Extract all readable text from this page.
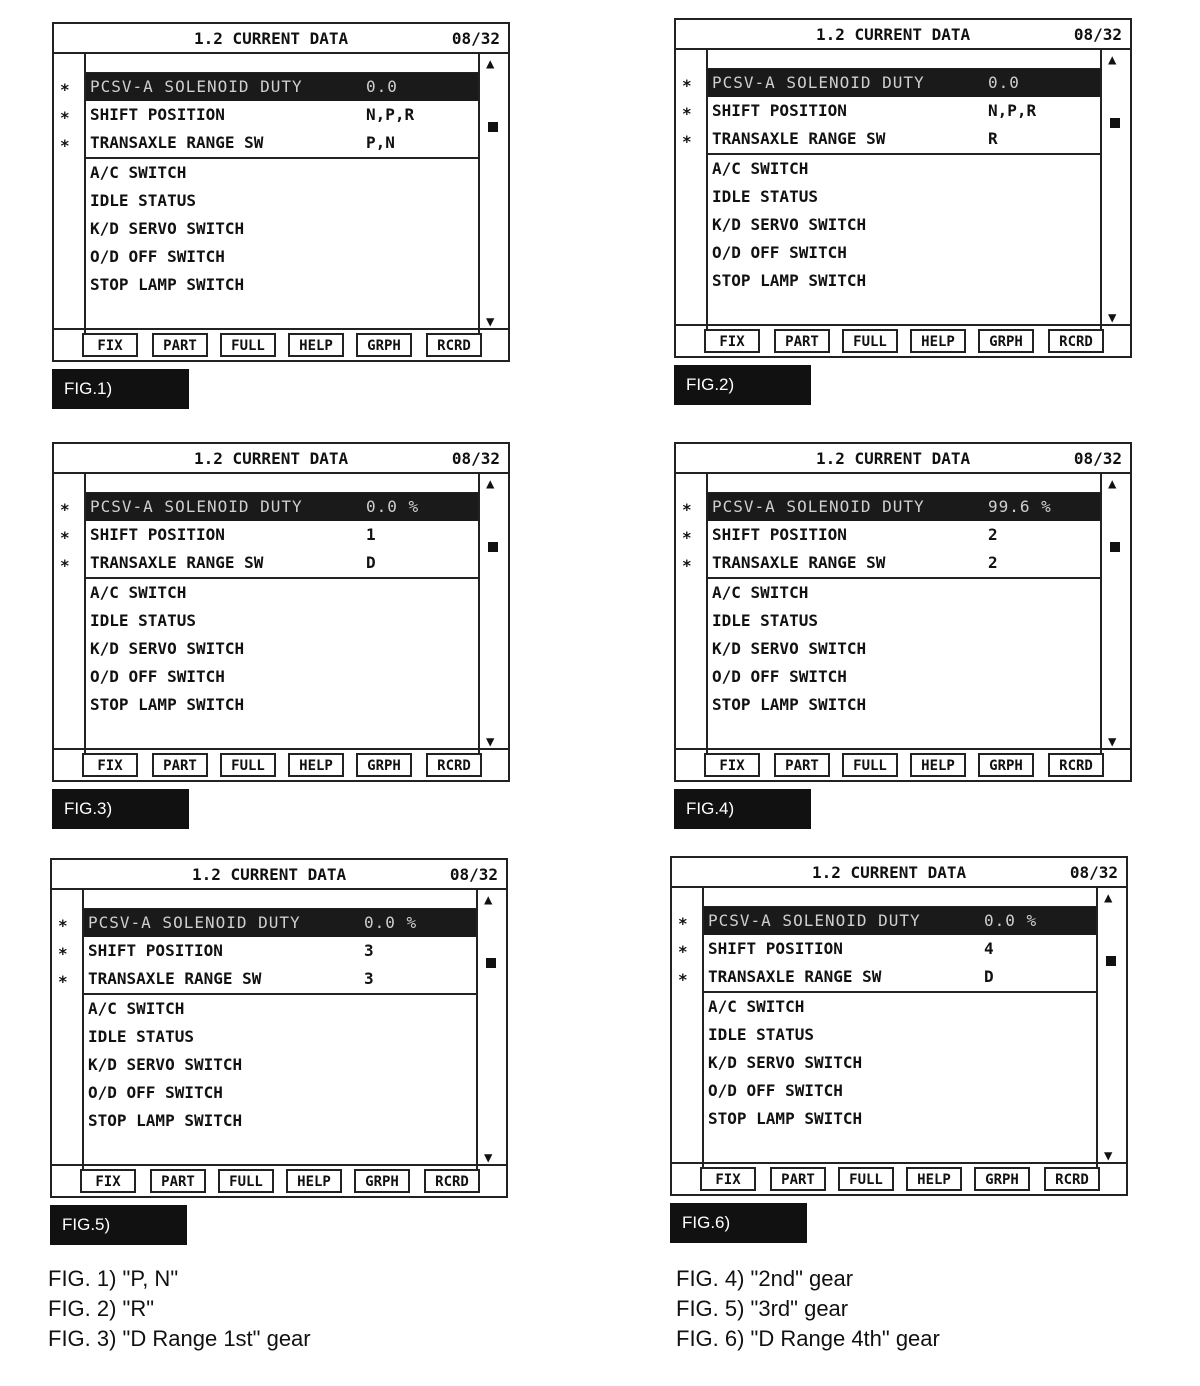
1.2 CURRENT DATA	08/32
*
*
*
PCSV-A SOLENOID DUTY	0.0
SHIFT POSITION	N,P,R
TRANSAXLE RANGE SW	P,N
A/C SWITCH
IDLE STATUS
K/D SERVO SWITCH
O/D OFF SWITCH
STOP LAMP SWITCH
▲
▼
FIX	PART	FULL	HELP	GRPH	RCRD
FIG.1)
1.2 CURRENT DATA	08/32
*
*
*
PCSV-A SOLENOID DUTY	0.0
SHIFT POSITION	N,P,R
TRANSAXLE RANGE SW	R
A/C SWITCH
IDLE STATUS
K/D SERVO SWITCH
O/D OFF SWITCH
STOP LAMP SWITCH
▲
▼
FIX	PART	FULL	HELP	GRPH	RCRD
FIG.2)
1.2 CURRENT DATA	08/32
*
*
*
PCSV-A SOLENOID DUTY	0.0 %
SHIFT POSITION	1
TRANSAXLE RANGE SW	D
A/C SWITCH
IDLE STATUS
K/D SERVO SWITCH
O/D OFF SWITCH
STOP LAMP SWITCH
▲
▼
FIX	PART	FULL	HELP	GRPH	RCRD
FIG.3)
1.2 CURRENT DATA	08/32
*
*
*
PCSV-A SOLENOID DUTY	99.6 %
SHIFT POSITION	2
TRANSAXLE RANGE SW	2
A/C SWITCH
IDLE STATUS
K/D SERVO SWITCH
O/D OFF SWITCH
STOP LAMP SWITCH
▲
▼
FIX	PART	FULL	HELP	GRPH	RCRD
FIG.4)
1.2 CURRENT DATA	08/32
*
*
*
PCSV-A SOLENOID DUTY	0.0 %
SHIFT POSITION	3
TRANSAXLE RANGE SW	3
A/C SWITCH
IDLE STATUS
K/D SERVO SWITCH
O/D OFF SWITCH
STOP LAMP SWITCH
▲
▼
FIX	PART	FULL	HELP	GRPH	RCRD
FIG.5)
1.2 CURRENT DATA	08/32
*
*
*
PCSV-A SOLENOID DUTY	0.0 %
SHIFT POSITION	4
TRANSAXLE RANGE SW	D
A/C SWITCH
IDLE STATUS
K/D SERVO SWITCH
O/D OFF SWITCH
STOP LAMP SWITCH
▲
▼
FIX	PART	FULL	HELP	GRPH	RCRD
FIG.6)
FIG. 1) "P, N"
FIG. 2) "R"
FIG. 3) "D Range 1st" gear
FIG. 4) "2nd" gear
FIG. 5) "3rd" gear
FIG. 6) "D Range 4th" gear
